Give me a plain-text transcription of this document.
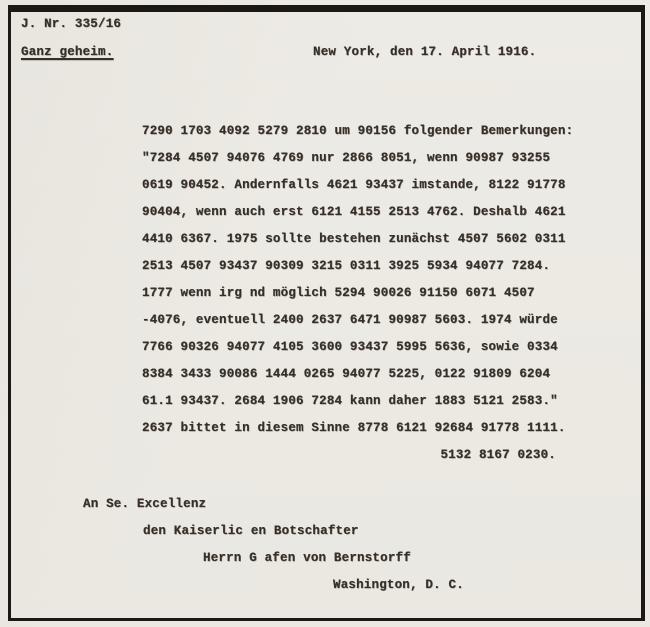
J. Nr. 335/16
Ganz geheim.	New York, den 17. April 1916.
7290 1703 4092 5279 2810 um 90156 folgender Bemerkungen:
"7284 4507 94076 4769 nur 2866 8051, wenn 90987 93255
0619 90452. Andernfalls 4621 93437 imstande, 8122 91778
90404, wenn auch erst 6121 4155 2513 4762. Deshalb 4621
4410 6367. 1975 sollte bestehen zunächst 4507 5602 0311
2513 4507 93437 90309 3215 0311 3925 5934 94077 7284.
1777 wenn irg nd möglich 5294 90026 91150 6071 4507
-4076, eventuell 2400 2637 6471 90987 5603. 1974 würde
7766 90326 94077 4105 3600 93437 5995 5636, sowie 0334
8384 3433 90086 1444 0265 94077 5225, 0122 91809 6204
61.1 93437. 2684 1906 7284 kann daher 1883 5121 2583."
2637 bittet in diesem Sinne 8778 6121 92684 91778 1111.
5132 8167 0230.
An Se. Excellenz
den Kaiserlic en Botschafter
Herrn G afen von Bernstorff
Washington, D. C.
